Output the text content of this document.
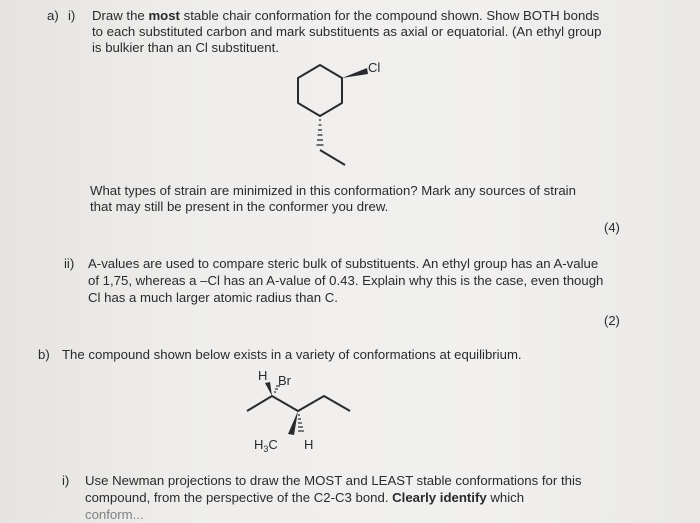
a) i) Draw the most stable chair conformation for the compound shown. Show BOTH bonds
to each substituted carbon and mark substituents as axial or equatorial. (An ethyl group
is bulkier than an Cl substituent.
Cl
What types of strain are minimized in this conformation? Mark any sources of strain
that may still be present in the conformer you drew.
(4)
ii) A-values are used to compare steric bulk of substituents. An ethyl group has an A-value
of 1,75, whereas a –Cl has an A-value of 0.43. Explain why this is the case, even though
Cl has a much larger atomic radius than C.
(2)
b) The compound shown below exists in a variety of conformations at equilibrium.
H Br
$H_3C$ H
i) Use Newman projections to draw the MOST and LEAST stable conformations for this
compound, from the perspective of the C2-C3 bond. Clearly identify which
conform...
